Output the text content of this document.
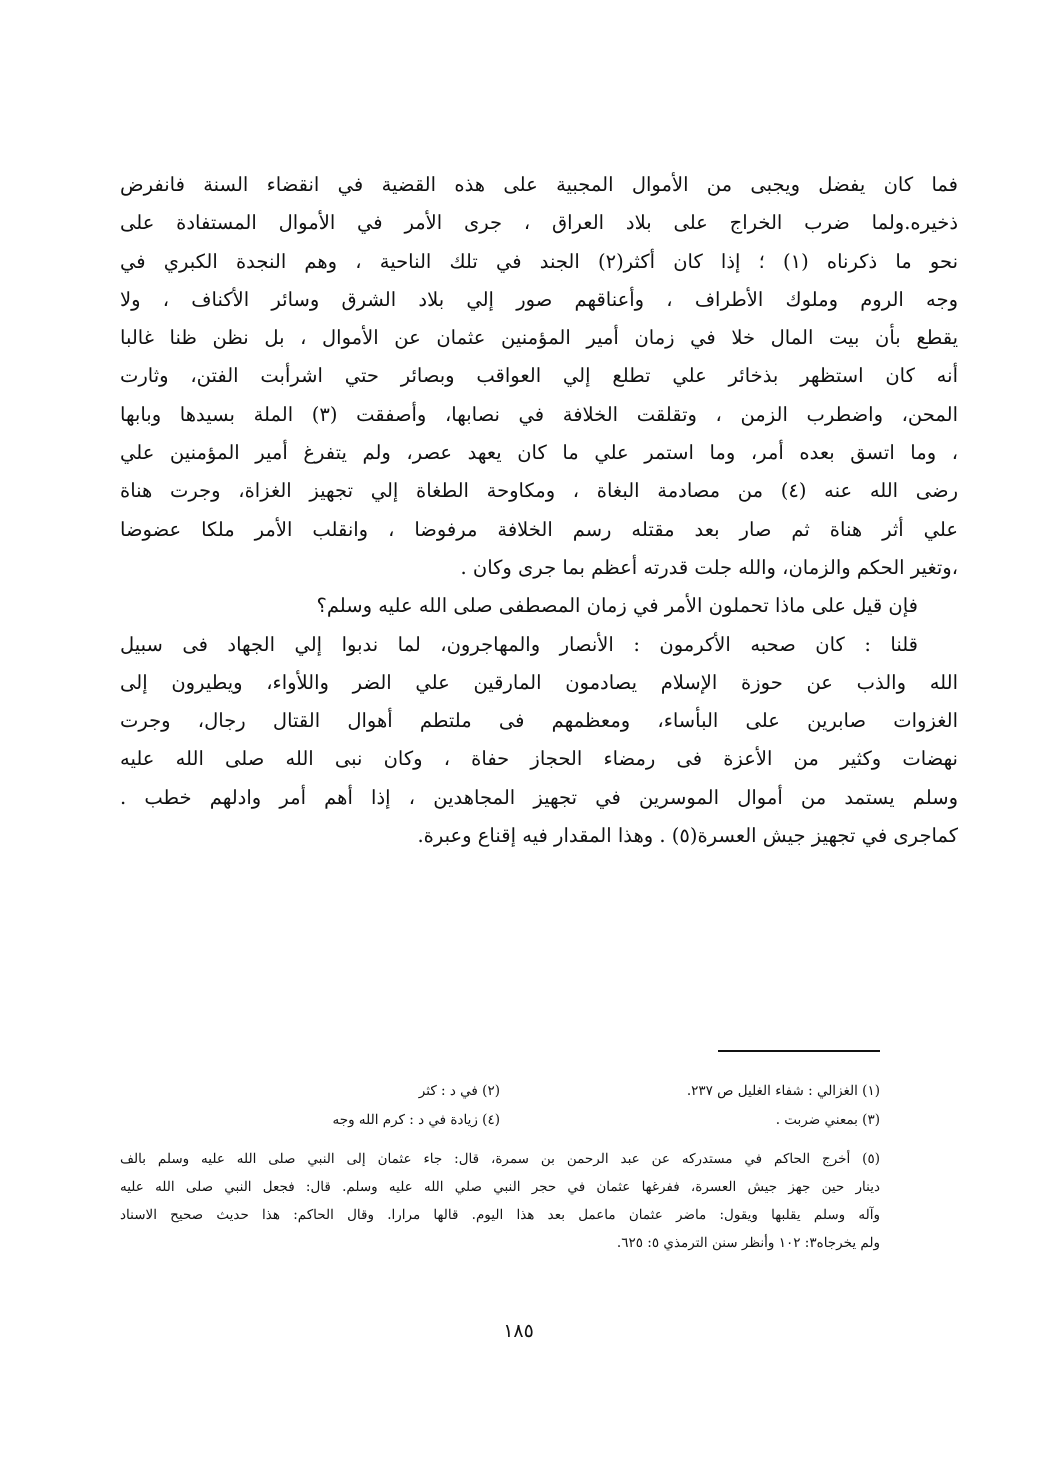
فما كان يفضل ويجبى من الأموال المجبية على هذه القضية في انقضاء السنة فانفرض
ذخيره.ولما ضرب الخراج على بلاد العراق ، جرى الأمر في الأموال المستفادة على
نحو ما ذكرناه (١) ؛ إذا كان أكثر(٢) الجند في تلك الناحية ، وهم النجدة الكبري في
وجه الروم وملوك الأطراف ، وأعناقهم صور إلي بلاد الشرق وسائر الأكناف ، ولا
يقطع بأن بيت المال خلا في زمان أمير المؤمنين عثمان عن الأموال ، بل نظن ظنا غالبا
أنه كان استظهر بذخائر علي تطلع إلي العواقب وبصائر حتي اشرأبت الفتن، وثارت
المحن، واضطرب الزمن ، وتقلقت الخلافة في نصابها، وأصفقت (٣) الملة بسيدها وبابها
، وما اتسق بعده أمر، وما استمر علي ما كان يعهد عصر، ولم يتفرغ أمير المؤمنين علي
رضى الله عنه (٤) من مصادمة البغاة ، ومكاوحة الطغاة إلي تجهيز الغزاة، وجرت هناة
علي أثر هناة ثم صار بعد مقتله رسم الخلافة مرفوضا ، وانقلب الأمر ملكا عضوضا
،وتغير الحكم والزمان، والله جلت قدرته أعظم بما جرى وكان .
فإن قيل على ماذا تحملون الأمر في زمان المصطفى صلى الله عليه وسلم؟
قلنا : كان صحبه الأكرمون : الأنصار والمهاجرون، لما ندبوا إلي الجهاد فى سبيل
الله والذب عن حوزة الإسلام يصادمون المارقين علي الضر واللأواء، ويطيرون إلى
الغزوات صابرين على البأساء، ومعظمهم فى ملتطم أهوال القتال رجال، وجرت
نهضات وكثير من الأعزة فى رمضاء الحجاز حفاة ، وكان نبى الله صلى الله عليه
وسلم يستمد من أموال الموسرين في تجهيز المجاهدين ، إذا أهم أمر وادلهم خطب .
كماجرى في تجهيز جيش العسرة(٥) . وهذا المقدار فيه إقناع وعبرة.
(١) الغزالي : شفاء الغليل ص ٢٣٧.
(٢) في د : كثر
(٣) بمعني ضربت .
(٤) زيادة في د : كرم الله وجه
(٥) أخرج الحاكم في مستدركه عن عبد الرحمن بن سمرة، قال: جاء عثمان إلى النبي صلى الله عليه وسلم بالف
دينار حين جهز جيش العسرة، ففرغها عثمان في حجر النبي صلي الله عليه وسلم. قال: فجعل النبي صلى الله عليه
وآله وسلم يقلبها ويقول: ماضر عثمان ماعمل بعد هذا اليوم. قالها مرارا. وقال الحاكم: هذا حديث صحيح الاسناد
ولم يخرجاه٣: ١٠٢ وأنظر سنن الترمذي ٥: ٦٢٥.
١٨٥
